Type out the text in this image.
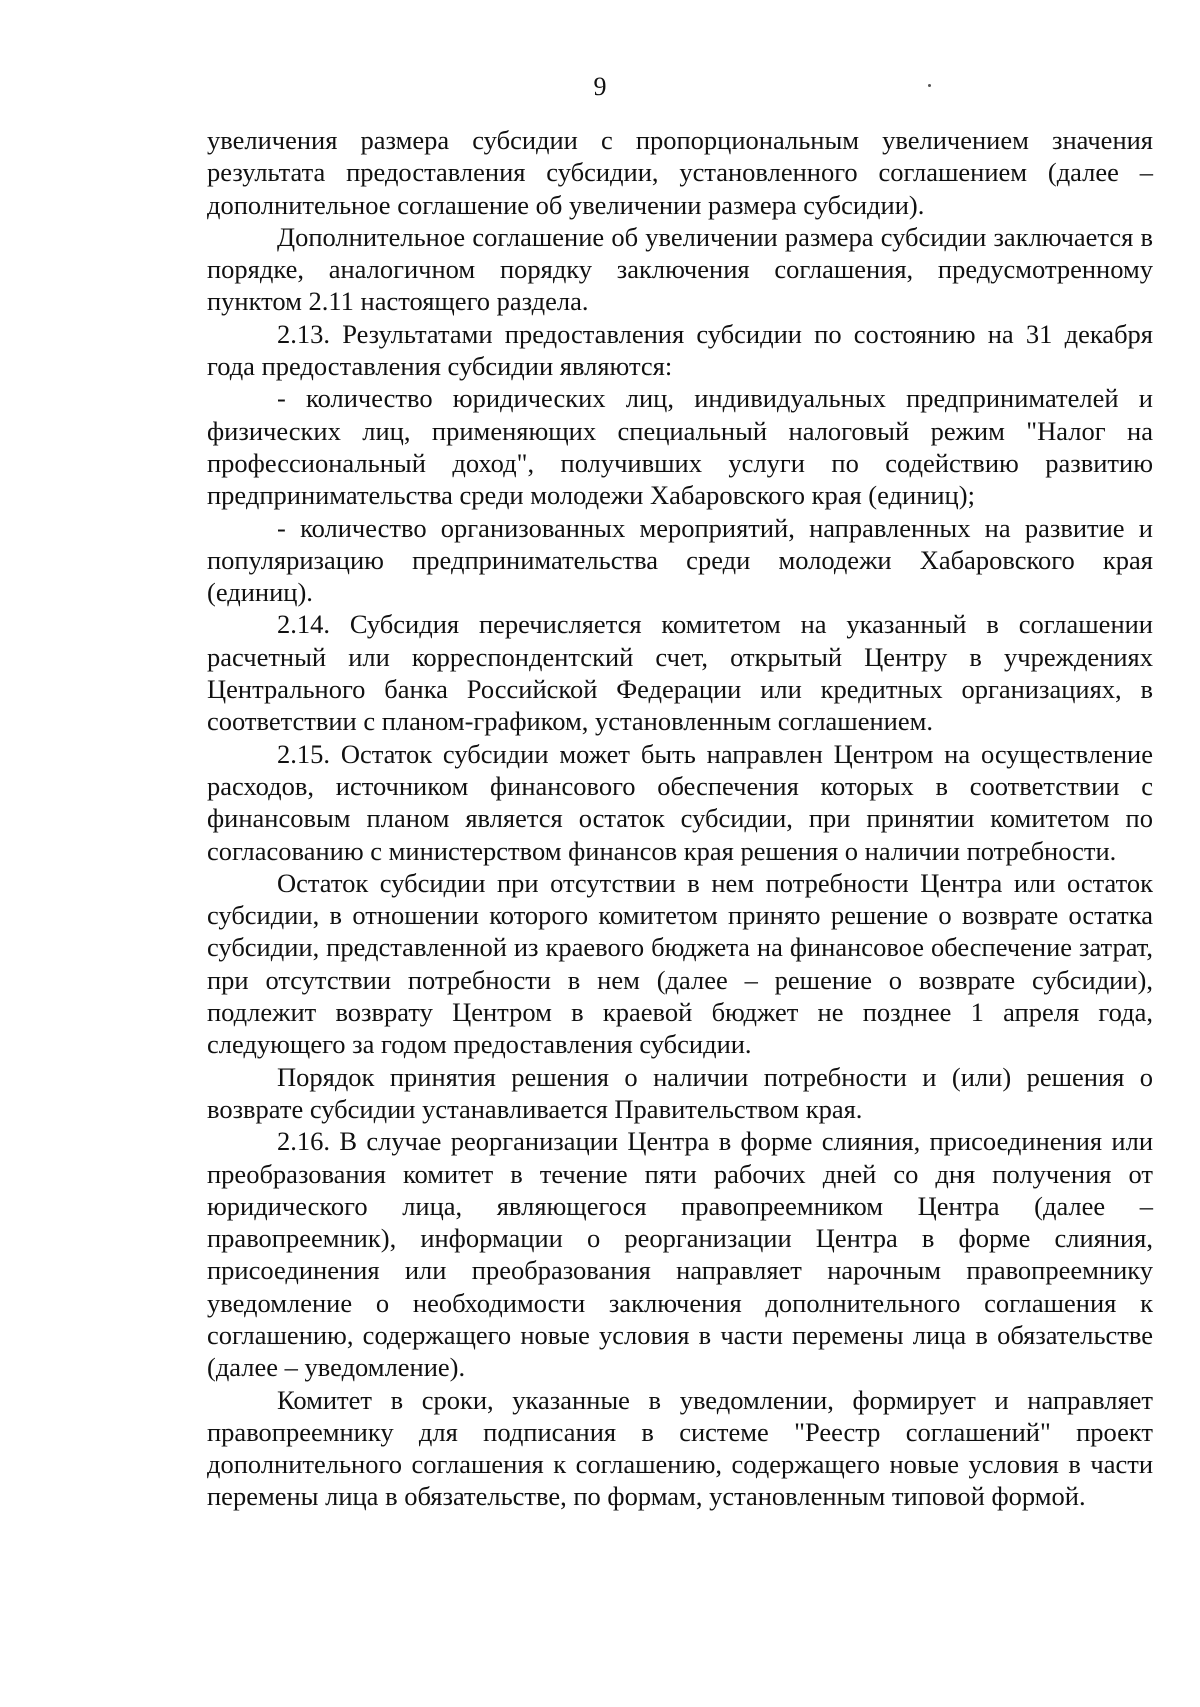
9

увеличения размера субсидии с пропорциональным увеличением значения результата предоставления субсидии, установленного соглашением (далее – дополнительное соглашение об увеличении размера субсидии).

Дополнительное соглашение об увеличении размера субсидии заключается в порядке, аналогичном порядку заключения соглашения, предусмотренному пунктом 2.11 настоящего раздела.

2.13. Результатами предоставления субсидии по состоянию на 31 декабря года предоставления субсидии являются:

- количество юридических лиц, индивидуальных предпринимателей и физических лиц, применяющих специальный налоговый режим "Налог на профессиональный доход", получивших услуги по содействию развитию предпринимательства среди молодежи Хабаровского края (единиц);

- количество организованных мероприятий, направленных на развитие и популяризацию предпринимательства среди молодежи Хабаровского края (единиц).

2.14. Субсидия перечисляется комитетом на указанный в соглашении расчетный или корреспондентский счет, открытый Центру в учреждениях Центрального банка Российской Федерации или кредитных организациях, в соответствии с планом-графиком, установленным соглашением.

2.15. Остаток субсидии может быть направлен Центром на осуществление расходов, источником финансового обеспечения которых в соответствии с финансовым планом является остаток субсидии, при принятии комитетом по согласованию с министерством финансов края решения о наличии потребности.

Остаток субсидии при отсутствии в нем потребности Центра или остаток субсидии, в отношении которого комитетом принято решение о возврате остатка субсидии, представленной из краевого бюджета на финансовое обеспечение затрат, при отсутствии потребности в нем (далее – решение о возврате субсидии), подлежит возврату Центром в краевой бюджет не позднее 1 апреля года, следующего за годом предоставления субсидии.

Порядок принятия решения о наличии потребности и (или) решения о возврате субсидии устанавливается Правительством края.

2.16. В случае реорганизации Центра в форме слияния, присоединения или преобразования комитет в течение пяти рабочих дней со дня получения от юридического лица, являющегося правопреемником Центра (далее – правопреемник), информации о реорганизации Центра в форме слияния, присоединения или преобразования направляет нарочным правопреемнику уведомление о необходимости заключения дополнительного соглашения к соглашению, содержащего новые условия в части перемены лица в обязательстве (далее – уведомление).

Комитет в сроки, указанные в уведомлении, формирует и направляет правопреемнику для подписания в системе "Реестр соглашений" проект дополнительного соглашения к соглашению, содержащего новые условия в части перемены лица в обязательстве, по формам, установленным типовой формой.
